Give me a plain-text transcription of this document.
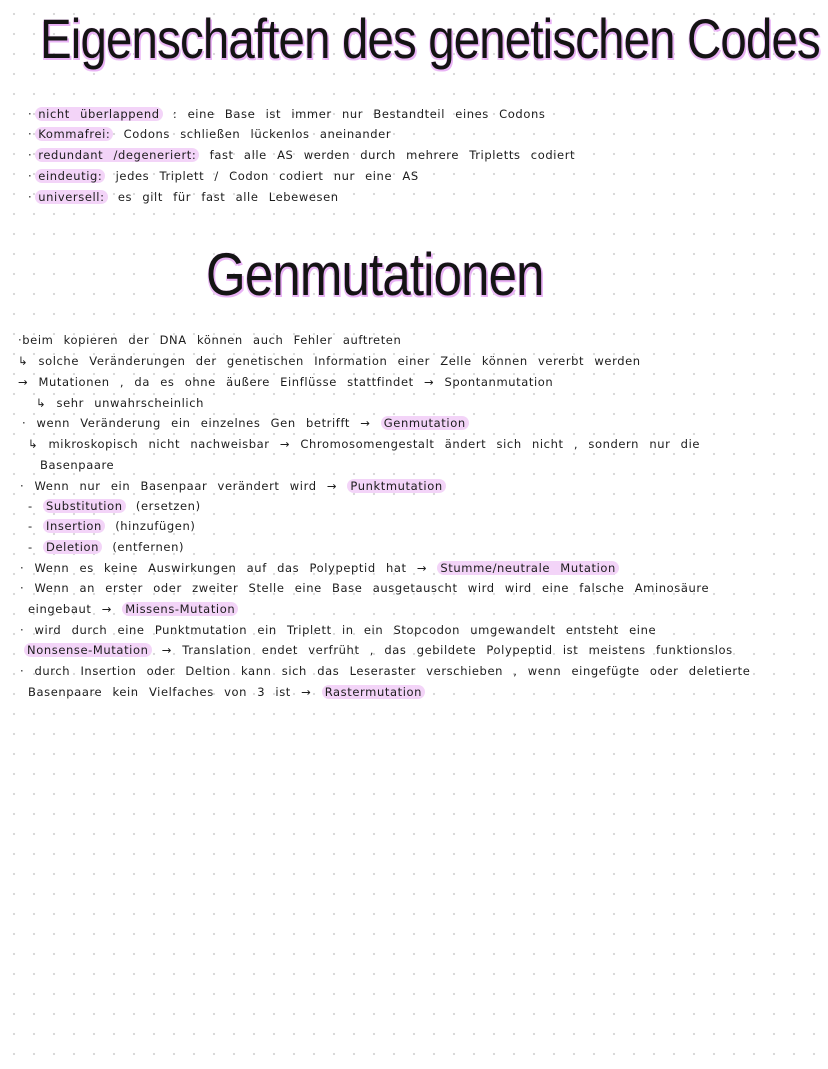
Eigenschaften des genetischen Codes
· nicht überlappend : eine Base ist immer nur Bestandteil eines Codons
· Kommafrei: Codons schließen lückenlos aneinander
· redundant /degeneriert: fast alle AS werden durch mehrere Tripletts codiert
· eindeutig: jedes Triplett / Codon codiert nur eine AS
· universell: es gilt für fast alle Lebewesen
Genmutationen
·beim kopieren der DNA können auch Fehler auftreten
↳ solche Veränderungen der genetischen Information einer Zelle können vererbt werden
→ Mutationen , da es ohne äußere Einflüsse stattfindet → Spontanmutation
↳ sehr unwahrscheinlich
· wenn Veränderung ein einzelnes Gen betrifft → Genmutation
↳ mikroskopisch nicht nachweisbar → Chromosomengestalt ändert sich nicht , sondern nur die
Basenpaare
· Wenn nur ein Basenpaar verändert wird → Punktmutation
- Substitution (ersetzen)
- Insertion (hinzufügen)
- Deletion (entfernen)
· Wenn es keine Auswirkungen auf das Polypeptid hat → Stumme/neutrale Mutation
· Wenn an erster oder zweiter Stelle eine Base ausgetauscht wird wird eine falsche Aminosäure
eingebaut → Missens-Mutation
· wird durch eine Punktmutation ein Triplett in ein Stopcodon umgewandelt entsteht eine
Nonsense-Mutation → Translation endet verfrüht , das gebildete Polypeptid ist meistens funktionslos
· durch Insertion oder Deltion kann sich das Leseraster verschieben , wenn eingefügte oder deletierte
Basenpaare kein Vielfaches von 3 ist → Rastermutation
